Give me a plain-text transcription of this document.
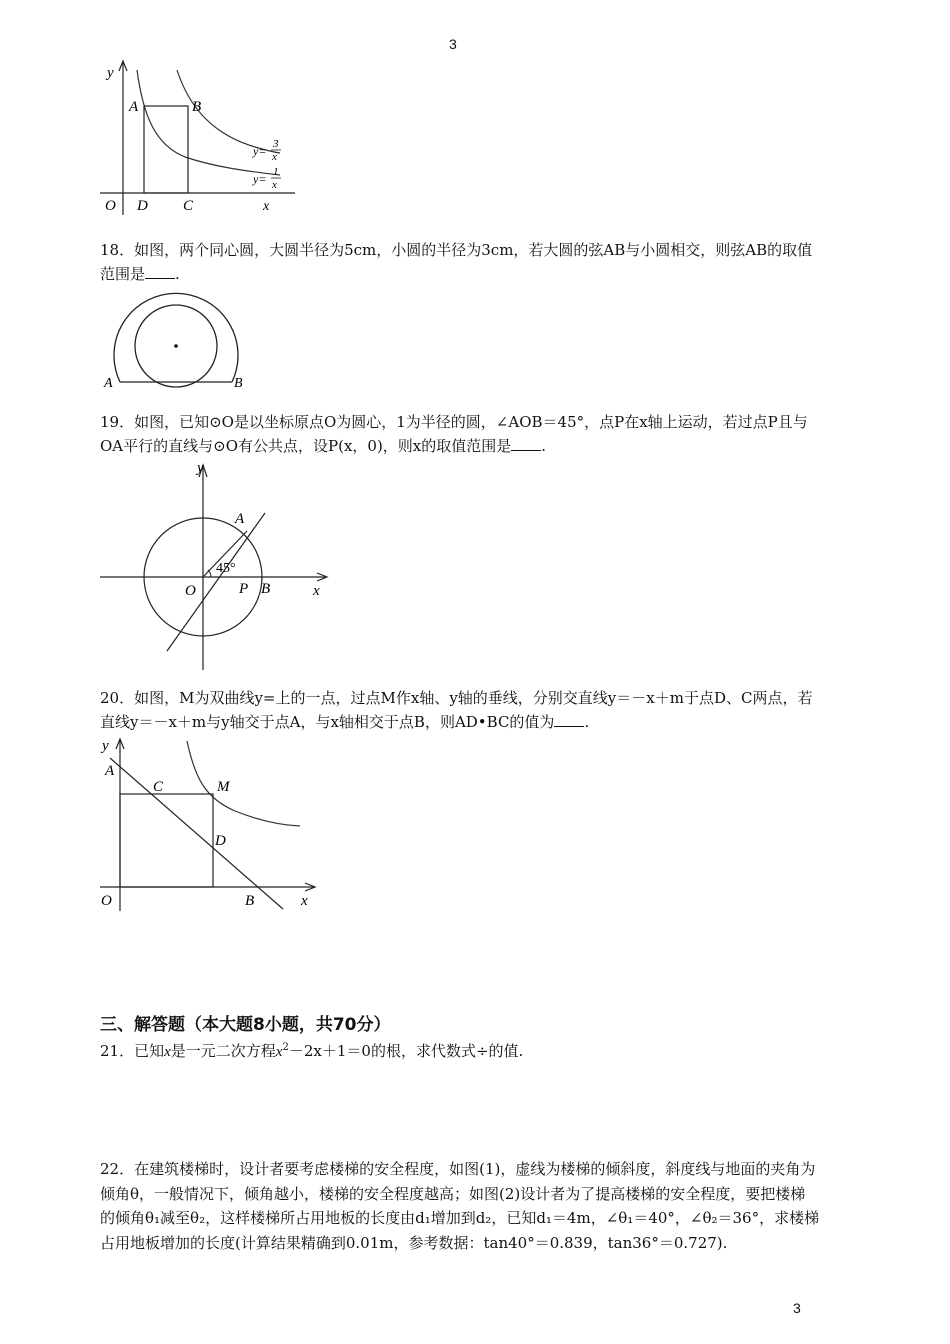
3
3
y
A	B
O D C	x
y= 3
x
y= 1
x
18．如图，两个同心圆，大圆半径为5cm，小圆的半径为3cm，若大圆的弦AB与小圆相交，则弦AB的取值范围是 .
A	B
19．如图，已知⊙O是以坐标原点O为圆心，1为半径的圆，∠AOB＝45°，点P在x轴上运动，若过点P且与OA平行的直线与⊙O有公共点，设P(x，0)，则x的取值范围是 .
y
A
45°
O	P B	x
20．如图，M为双曲线y=上的一点，过点M作x轴、y轴的垂线，分别交直线y＝－x＋m于点D、C两点，若直线y＝－x＋m与y轴交于点A，与x轴相交于点B，则AD•BC的值为 .
y
A
C	M
D
O	B	x
三、解答题（本大题8小题，共70分）
21．已知x是一元二次方程$x^2-2x+1=0$的根，求代数式÷的值.
22．在建筑楼梯时，设计者要考虑楼梯的安全程度，如图(1)，虚线为楼梯的倾斜度，斜度线与地面的夹角为倾角θ，一般情况下，倾角越小，楼梯的安全程度越高；如图(2)设计者为了提高楼梯的安全程度，要把楼梯的倾角θ₁减至θ₂，这样楼梯所占用地板的长度由d₁增加到d₂，已知d₁＝4m，∠θ₁＝40°，∠θ₂＝36°，求楼梯占用地板增加的长度(计算结果精确到0.01m，参考数据：tan40°＝0.839，tan36°＝0.727).
